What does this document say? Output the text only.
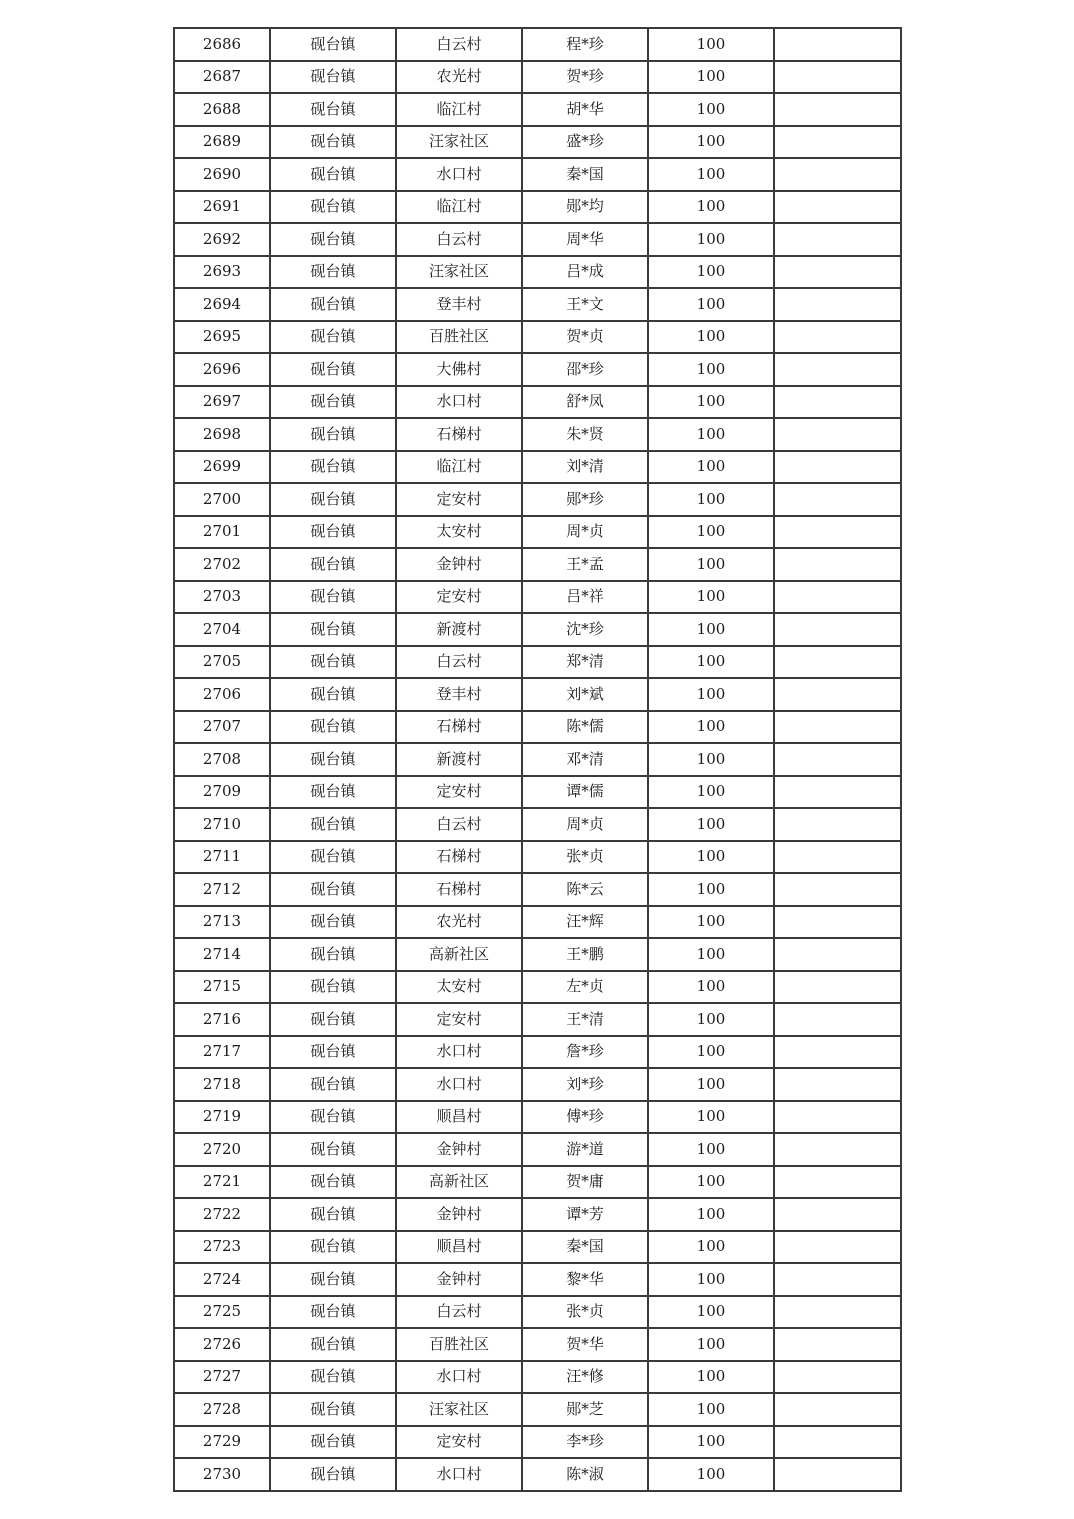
2686	砚台镇	白云村	程*珍	100	
2687	砚台镇	农光村	贺*珍	100	
2688	砚台镇	临江村	胡*华	100	
2689	砚台镇	汪家社区	盛*珍	100	
2690	砚台镇	水口村	秦*国	100	
2691	砚台镇	临江村	郧*均	100	
2692	砚台镇	白云村	周*华	100	
2693	砚台镇	汪家社区	吕*成	100	
2694	砚台镇	登丰村	王*文	100	
2695	砚台镇	百胜社区	贺*贞	100	
2696	砚台镇	大佛村	邵*珍	100	
2697	砚台镇	水口村	舒*凤	100	
2698	砚台镇	石梯村	朱*贤	100	
2699	砚台镇	临江村	刘*清	100	
2700	砚台镇	定安村	郧*珍	100	
2701	砚台镇	太安村	周*贞	100	
2702	砚台镇	金钟村	王*孟	100	
2703	砚台镇	定安村	吕*祥	100	
2704	砚台镇	新渡村	沈*珍	100	
2705	砚台镇	白云村	郑*清	100	
2706	砚台镇	登丰村	刘*斌	100	
2707	砚台镇	石梯村	陈*儒	100	
2708	砚台镇	新渡村	邓*清	100	
2709	砚台镇	定安村	谭*儒	100	
2710	砚台镇	白云村	周*贞	100	
2711	砚台镇	石梯村	张*贞	100	
2712	砚台镇	石梯村	陈*云	100	
2713	砚台镇	农光村	汪*辉	100	
2714	砚台镇	高新社区	王*鹏	100	
2715	砚台镇	太安村	左*贞	100	
2716	砚台镇	定安村	王*清	100	
2717	砚台镇	水口村	詹*珍	100	
2718	砚台镇	水口村	刘*珍	100	
2719	砚台镇	顺昌村	傅*珍	100	
2720	砚台镇	金钟村	游*道	100	
2721	砚台镇	高新社区	贺*庸	100	
2722	砚台镇	金钟村	谭*芳	100	
2723	砚台镇	顺昌村	秦*国	100	
2724	砚台镇	金钟村	黎*华	100	
2725	砚台镇	白云村	张*贞	100	
2726	砚台镇	百胜社区	贺*华	100	
2727	砚台镇	水口村	汪*修	100	
2728	砚台镇	汪家社区	郧*芝	100	
2729	砚台镇	定安村	李*珍	100	
2730	砚台镇	水口村	陈*淑	100	
